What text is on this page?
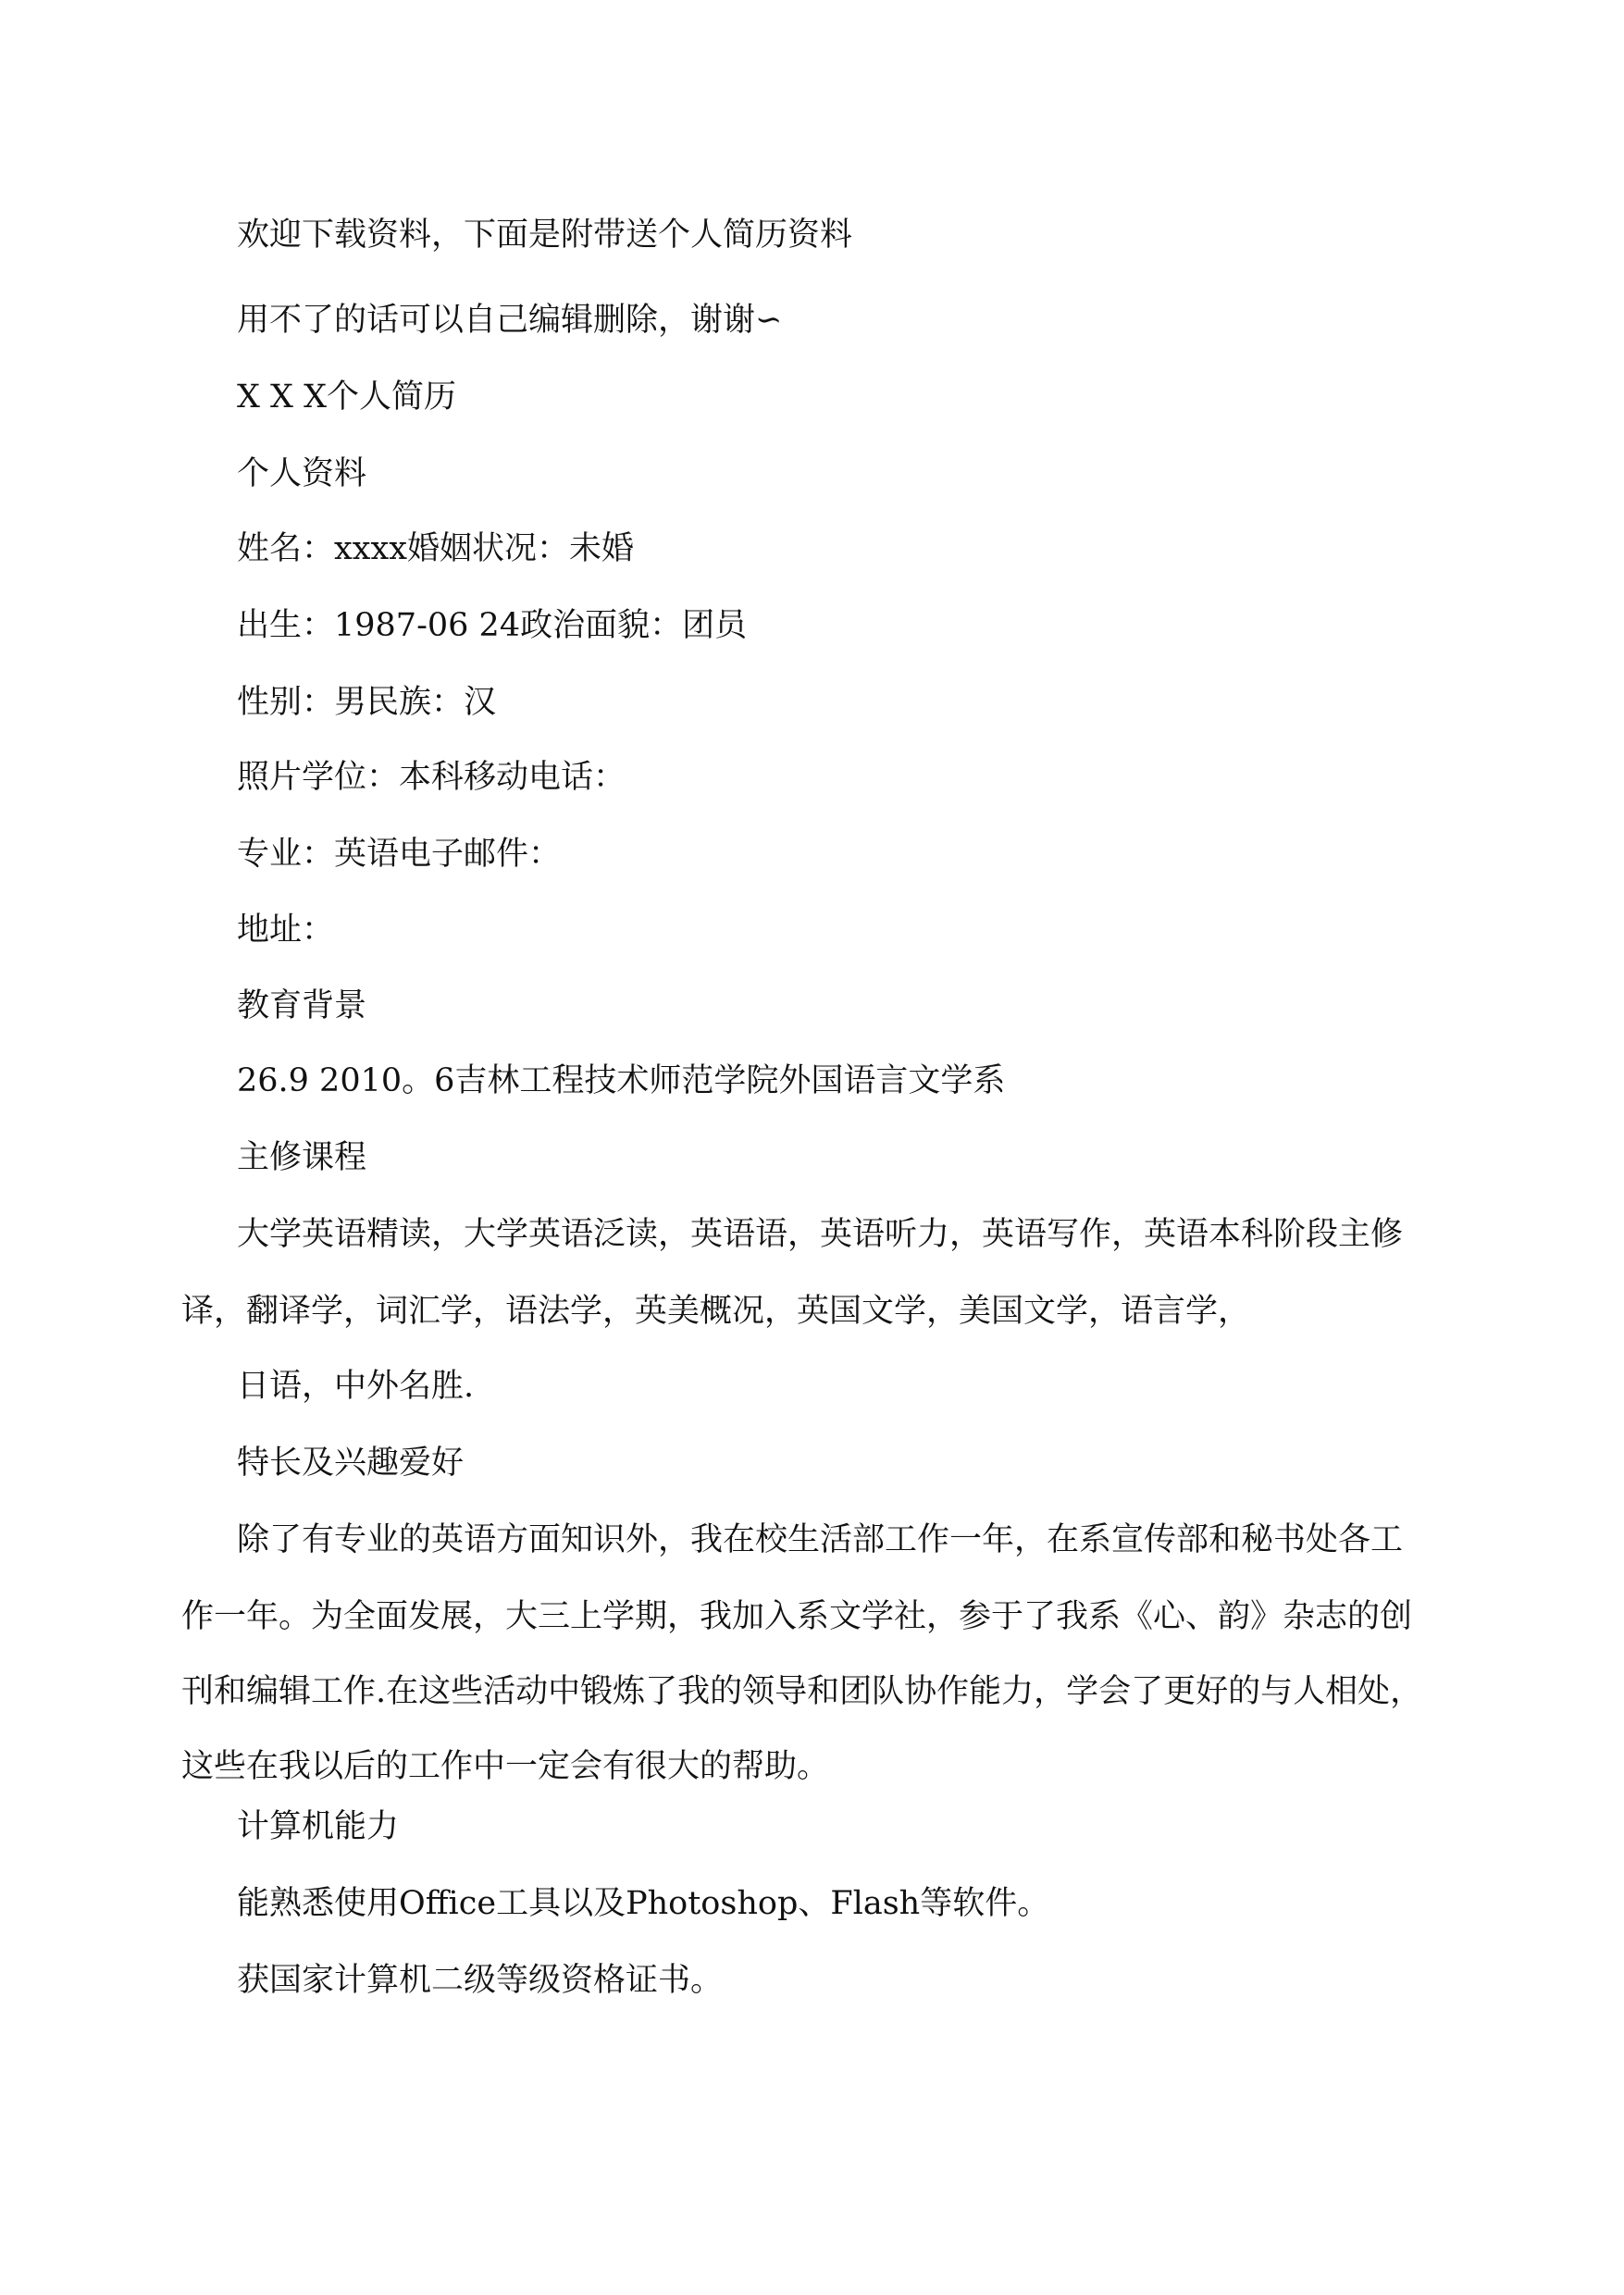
欢迎下载资料，下面是附带送个人简历资料
用不了的话可以自己编辑删除，谢谢∽
X X X个人简历
个人资料
姓名：xxxx婚姻状况：未婚
出生：1987-06 24政治面貌：团员
性别：男民族：汉
照片学位：本科移动电话：
专业：英语电子邮件：
地址：
教育背景
26.9 2010。6吉林工程技术师范学院外国语言文学系
主修课程
大学英语精读，大学英语泛读，英语语，英语听力，英语写作，英语本科阶段主修
译，翻译学，词汇学，语法学，英美概况，英国文学，美国文学，语言学，
日语，中外名胜.
特长及兴趣爱好
除了有专业的英语方面知识外，我在校生活部工作一年，在系宣传部和秘书处各工
作一年。为全面发展，大三上学期，我加入系文学社，参于了我系《心、韵》杂志的创
刊和编辑工作.在这些活动中锻炼了我的领导和团队协作能力，学会了更好的与人相处，
这些在我以后的工作中一定会有很大的帮助。
计算机能力
能熟悉使用Office工具以及Photoshop、Flash等软件。
获国家计算机二级等级资格证书。
